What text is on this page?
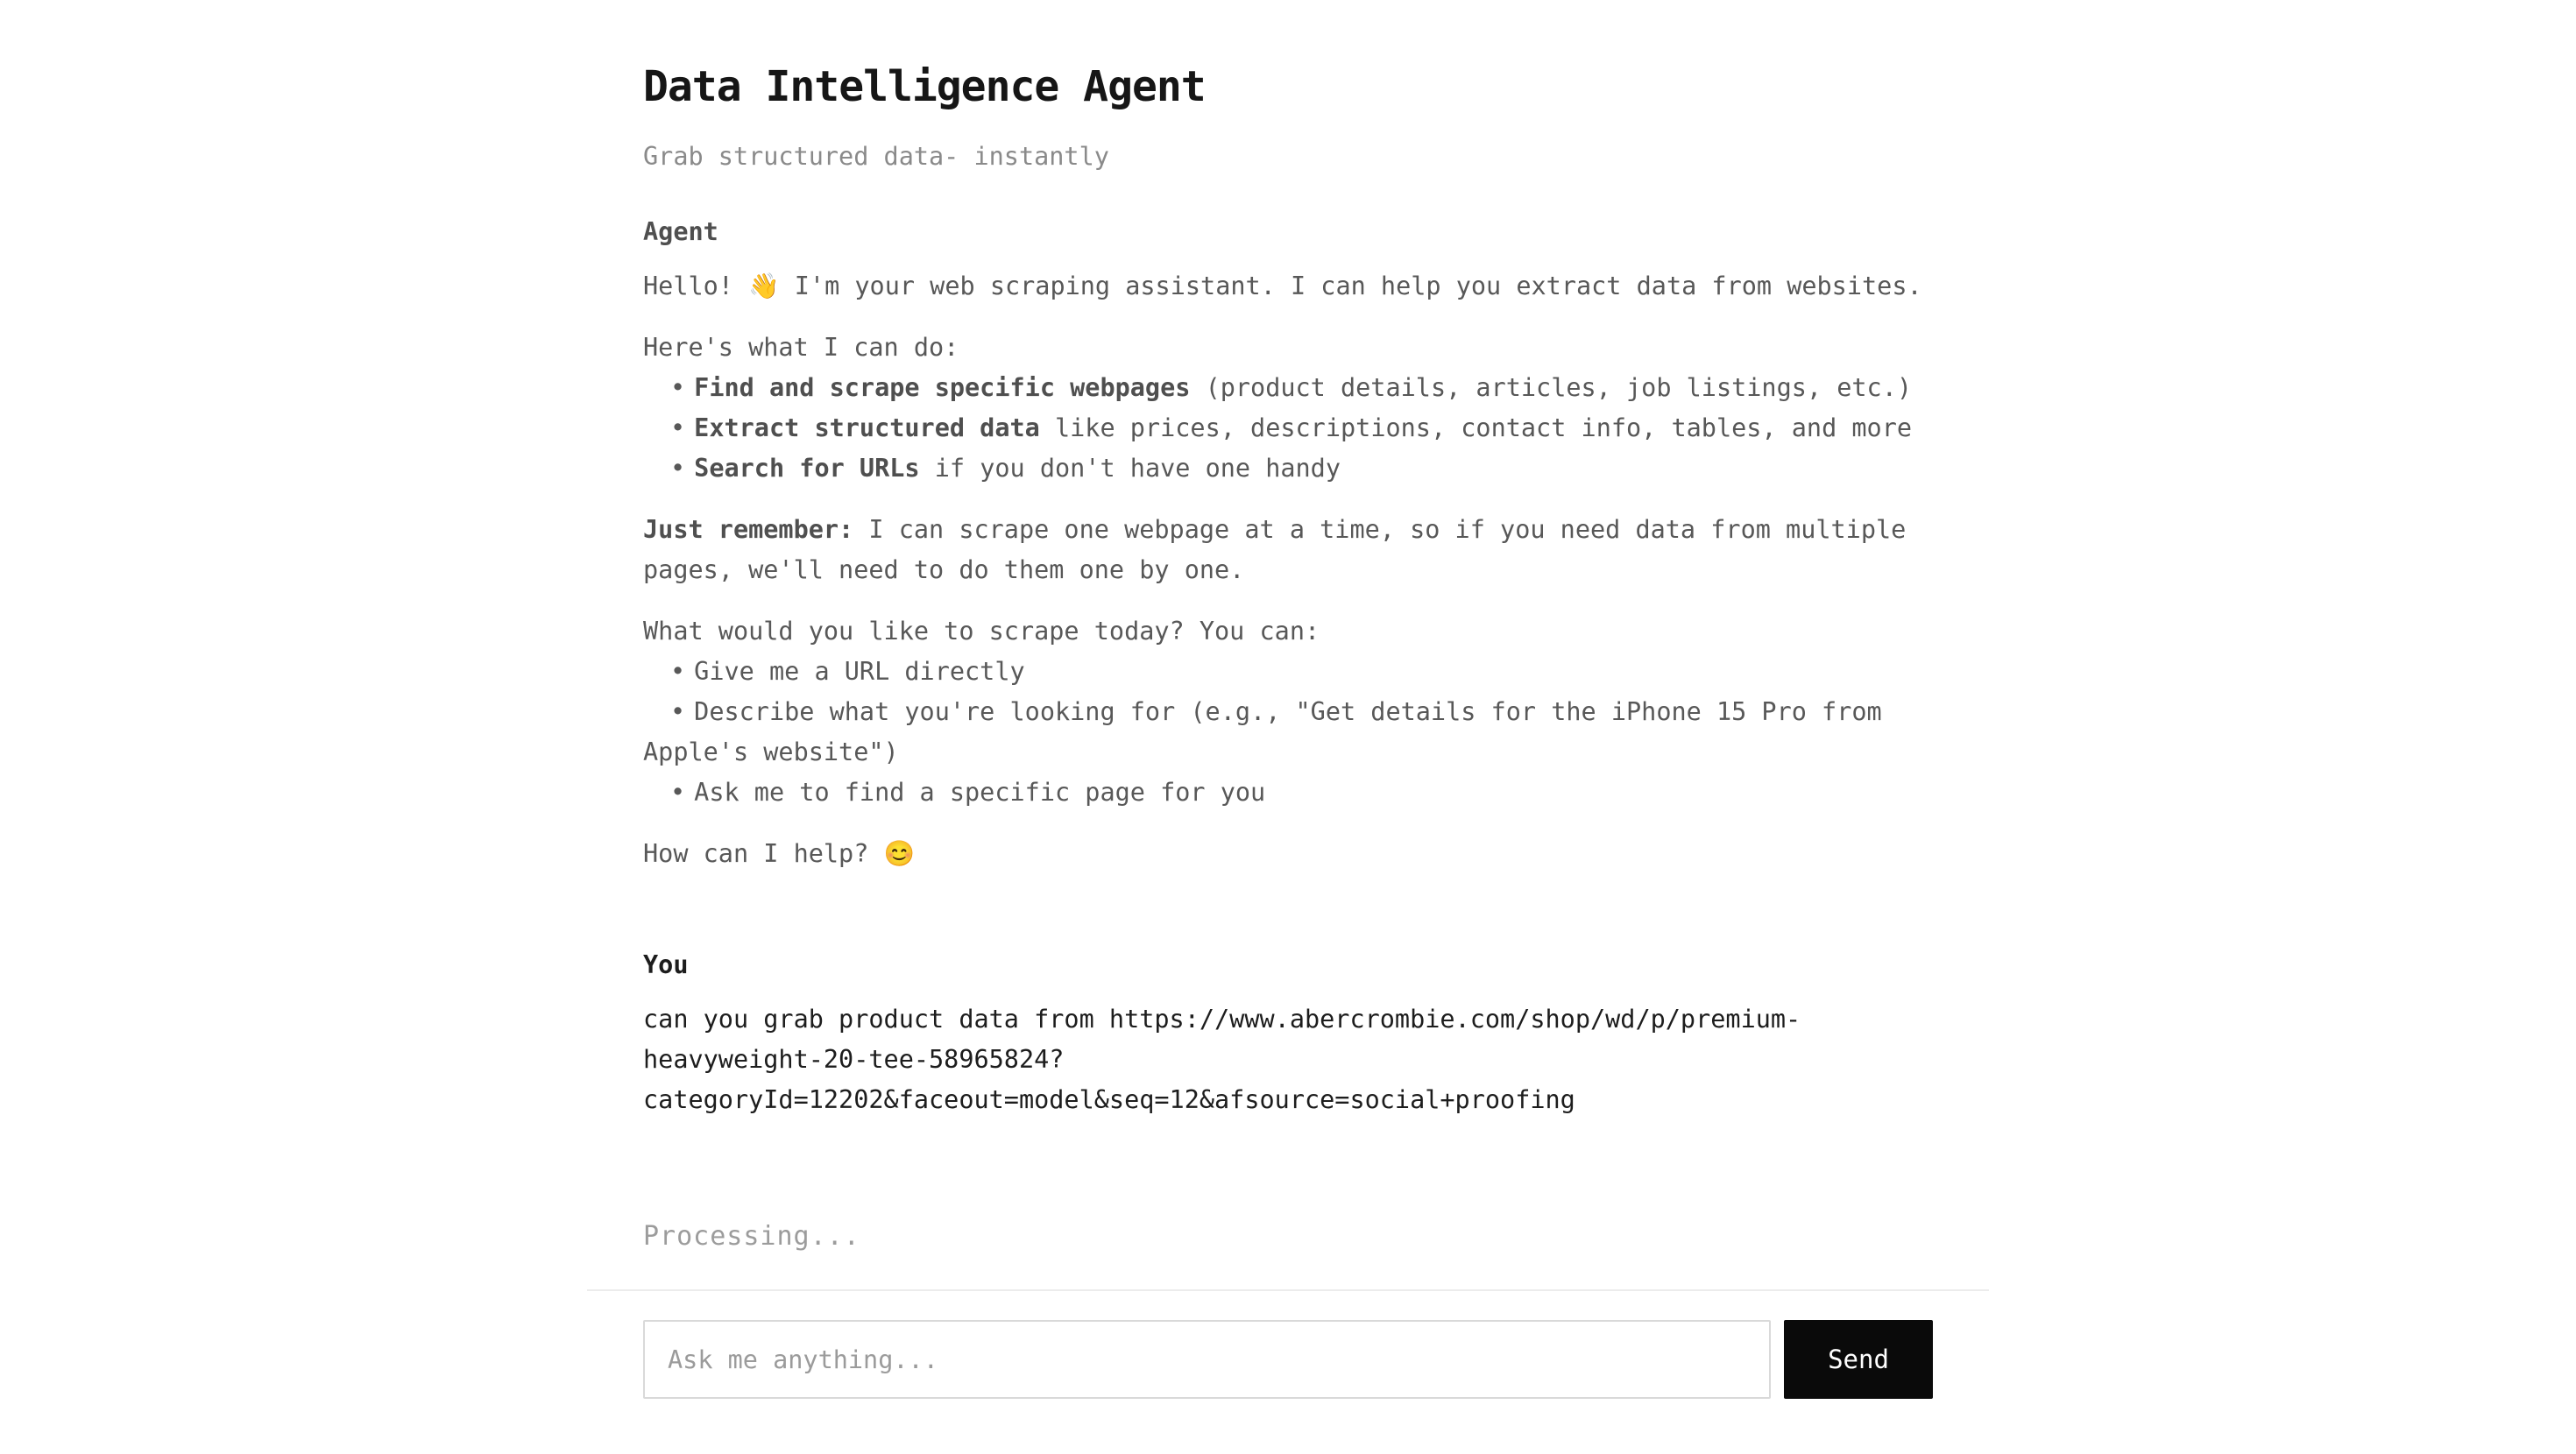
Data Intelligence Agent

Grab structured data- instantly

Agent

Hello! 👋 I'm your web scraping assistant. I can help you extract data from websites.

Here's what I can do:
• Find and scrape specific webpages (product details, articles, job listings, etc.)
• Extract structured data like prices, descriptions, contact info, tables, and more
• Search for URLs if you don't have one handy

Just remember: I can scrape one webpage at a time, so if you need data from multiple pages, we'll need to do them one by one.

What would you like to scrape today? You can:
• Give me a URL directly
• Describe what you're looking for (e.g., "Get details for the iPhone 15 Pro from Apple's website")
• Ask me to find a specific page for you

How can I help? 😊

You
can you grab product data from https://www.abercrombie.com/shop/wd/p/premium-heavyweight-20-tee-58965824?categoryId=12202&faceout=model&seq=12&afsource=social+proofing
Processing...
Ask me anything...
Send
